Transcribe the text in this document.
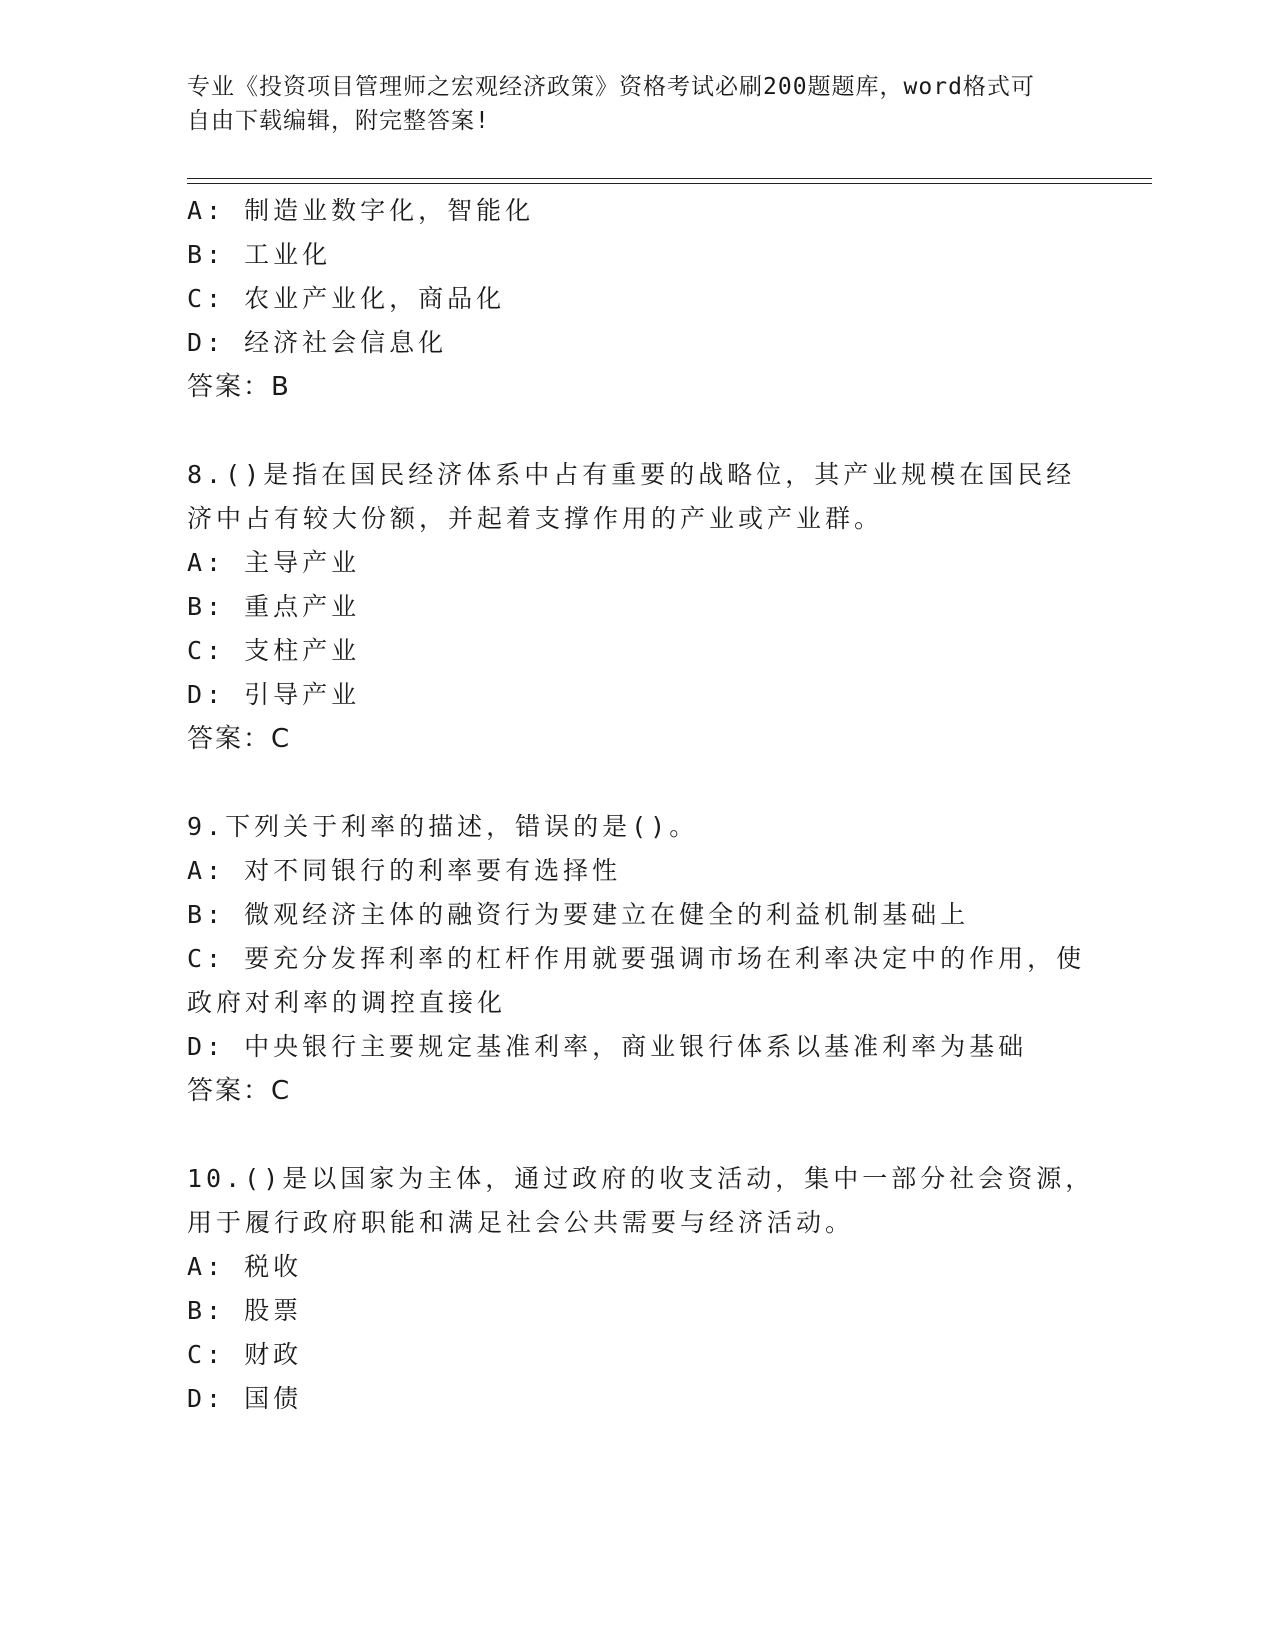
专业《投资项目管理师之宏观经济政策》资格考试必刷200题题库，word格式可
自由下载编辑，附完整答案!
A: 制造业数字化，智能化
B: 工业化
C: 农业产业化，商品化
D: 经济社会信息化
答案：B
8.()是指在国民经济体系中占有重要的战略位，其产业规模在国民经
济中占有较大份额，并起着支撑作用的产业或产业群。
A: 主导产业
B: 重点产业
C: 支柱产业
D: 引导产业
答案：C
9.下列关于利率的描述，错误的是()。
A: 对不同银行的利率要有选择性
B: 微观经济主体的融资行为要建立在健全的利益机制基础上
C: 要充分发挥利率的杠杆作用就要强调市场在利率决定中的作用，使
政府对利率的调控直接化
D: 中央银行主要规定基准利率，商业银行体系以基准利率为基础
答案：C
10.()是以国家为主体，通过政府的收支活动，集中一部分社会资源，
用于履行政府职能和满足社会公共需要与经济活动。
A: 税收
B: 股票
C: 财政
D: 国债
